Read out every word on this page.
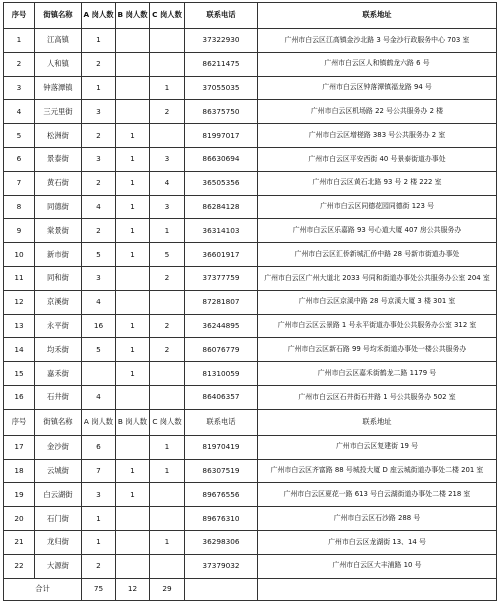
序号	街镇名称	A 岗人数	B 岗人数	C 岗人数	联系电话	联系地址
1	江高镇	1			37322930	广州市白云区江高镇金沙北路 3 号金沙行政服务中心 703 室
2	人和镇	2			86211475	广州市白云区人和镇鹤龙六路 6 号
3	钟落潭镇	1		1	37055035	广州市白云区钟落潭镇福龙路 94 号
4	三元里街	3		2	86375750	广州市白云区机场路 22 号公共服务办 2 楼
5	松洲街	2	1		81997017	广州市白云区增槎路 383 号公共服务办 2 室
6	景泰街	3	1	3	86630694	广州市白云区平安西街 40 号景泰街道办事处
7	黄石街	2	1	4	36505356	广州市白云区黄石北路 93 号 2 楼 222 室
8	同德街	4	1	3	86284128	广州市白云区同德花园同德街 123 号
9	棠景街	2	1	1	36314103	广州市白云区乐嘉路 93 号心道大厦 407 房公共服务办
10	新市街	5	1	5	36601917	广州市白云区汇侨新城汇侨中路 28 号新市街道办事处
11	同和街	3		2	37377759	广州市白云区广州大道北 2033 号同和街道办事处公共服务办公室 204 室
12	京溪街	4			87281807	广州市白云区京溪中路 28 号京溪大厦 3 楼 301 室
13	永平街	16	1	2	36244895	广州市白云区云景路 1 号永平街道办事处公共服务办公室 312 室
14	均禾街	5	1	2	86076779	广州市白云区新石路 99 号均禾街道办事处一楼公共服务办
15	嘉禾街		1		81310059	广州市白云区嘉禾街鹤龙二路 1179 号
16	石井街	4			86406357	广州市白云区石井街石井路 1 号公共服务办 502 室
序号	街镇名称	A 岗人数	B 岗人数	C 岗人数	联系电话	联系地址
17	金沙街	6		1	81970419	广州市白云区复建街 19 号
18	云城街	7	1	1	86307519	广州市白云区齐富路 88 号城投大厦 D 座云城街道办事处二楼 201 室
19	白云湖街	3	1		89676556	广州市白云区夏花一路 613 号白云湖街道办事处二楼 218 室
20	石门街	1			89676310	广州市白云区石沙路 288 号
21	龙归街	1		1	36298306	广州市白云区龙湖街 13、14 号
22	大源街	2			37379032	广州市白云区大丰浦路 10 号
合计		75	12	29		
